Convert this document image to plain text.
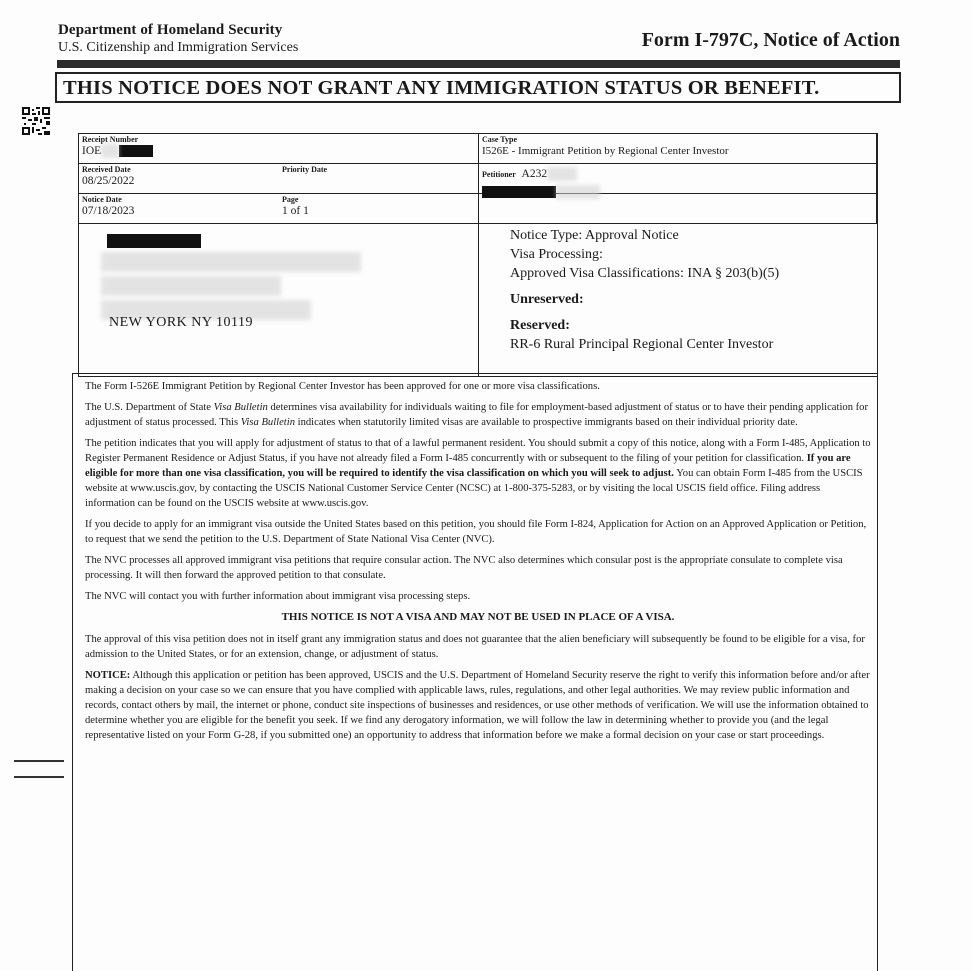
Department of Homeland Security
U.S. Citizenship and Immigration Services	Form I-797C, Notice of Action
THIS NOTICE DOES NOT GRANT ANY IMMIGRATION STATUS OR BENEFIT.
Receipt Number
IOE
Case Type
I526E - Immigrant Petition by Regional Center Investor
Received Date
08/25/2022
Priority Date
Petitioner A232
Notice Date
07/18/2023
Page
1 of 1
NEW YORK NY 10119
Notice Type: Approval Notice
Visa Processing:
Approved Visa Classifications: INA § 203(b)(5)
Unreserved:
Reserved:
RR-6 Rural Principal Regional Center Investor

The Form I-526E Immigrant Petition by Regional Center Investor has been approved for one or more visa classifications.

The U.S. Department of State Visa Bulletin determines visa availability for individuals waiting to file for employment-based adjustment of status or to have their pending application for adjustment of status processed. This Visa Bulletin indicates when statutorily limited visas are available to prospective immigrants based on their individual priority date.

The petition indicates that you will apply for adjustment of status to that of a lawful permanent resident. You should submit a copy of this notice, along with a Form I-485, Application to Register Permanent Residence or Adjust Status, if you have not already filed a Form I-485 concurrently with or subsequent to the filing of your petition for classification. If you are eligible for more than one visa classification, you will be required to identify the visa classification on which you will seek to adjust. You can obtain Form I-485 from the USCIS website at www.uscis.gov, by contacting the USCIS National Customer Service Center (NCSC) at 1-800-375-5283, or by visiting the local USCIS field office. Filing address information can be found on the USCIS website at www.uscis.gov.

If you decide to apply for an immigrant visa outside the United States based on this petition, you should file Form I-824, Application for Action on an Approved Application or Petition, to request that we send the petition to the U.S. Department of State National Visa Center (NVC).

The NVC processes all approved immigrant visa petitions that require consular action. The NVC also determines which consular post is the appropriate consulate to complete visa processing. It will then forward the approved petition to that consulate.

The NVC will contact you with further information about immigrant visa processing steps.

THIS NOTICE IS NOT A VISA AND MAY NOT BE USED IN PLACE OF A VISA.

The approval of this visa petition does not in itself grant any immigration status and does not guarantee that the alien beneficiary will subsequently be found to be eligible for a visa, for admission to the United States, or for an extension, change, or adjustment of status.

NOTICE: Although this application or petition has been approved, USCIS and the U.S. Department of Homeland Security reserve the right to verify this information before and/or after making a decision on your case so we can ensure that you have complied with applicable laws, rules, regulations, and other legal authorities. We may review public information and records, contact others by mail, the internet or phone, conduct site inspections of businesses and residences, or use other methods of verification. We will use the information obtained to determine whether you are eligible for the benefit you seek. If we find any derogatory information, we will follow the law in determining whether to provide you (and the legal representative listed on your Form G-28, if you submitted one) an opportunity to address that information before we make a formal decision on your case or start proceedings.
